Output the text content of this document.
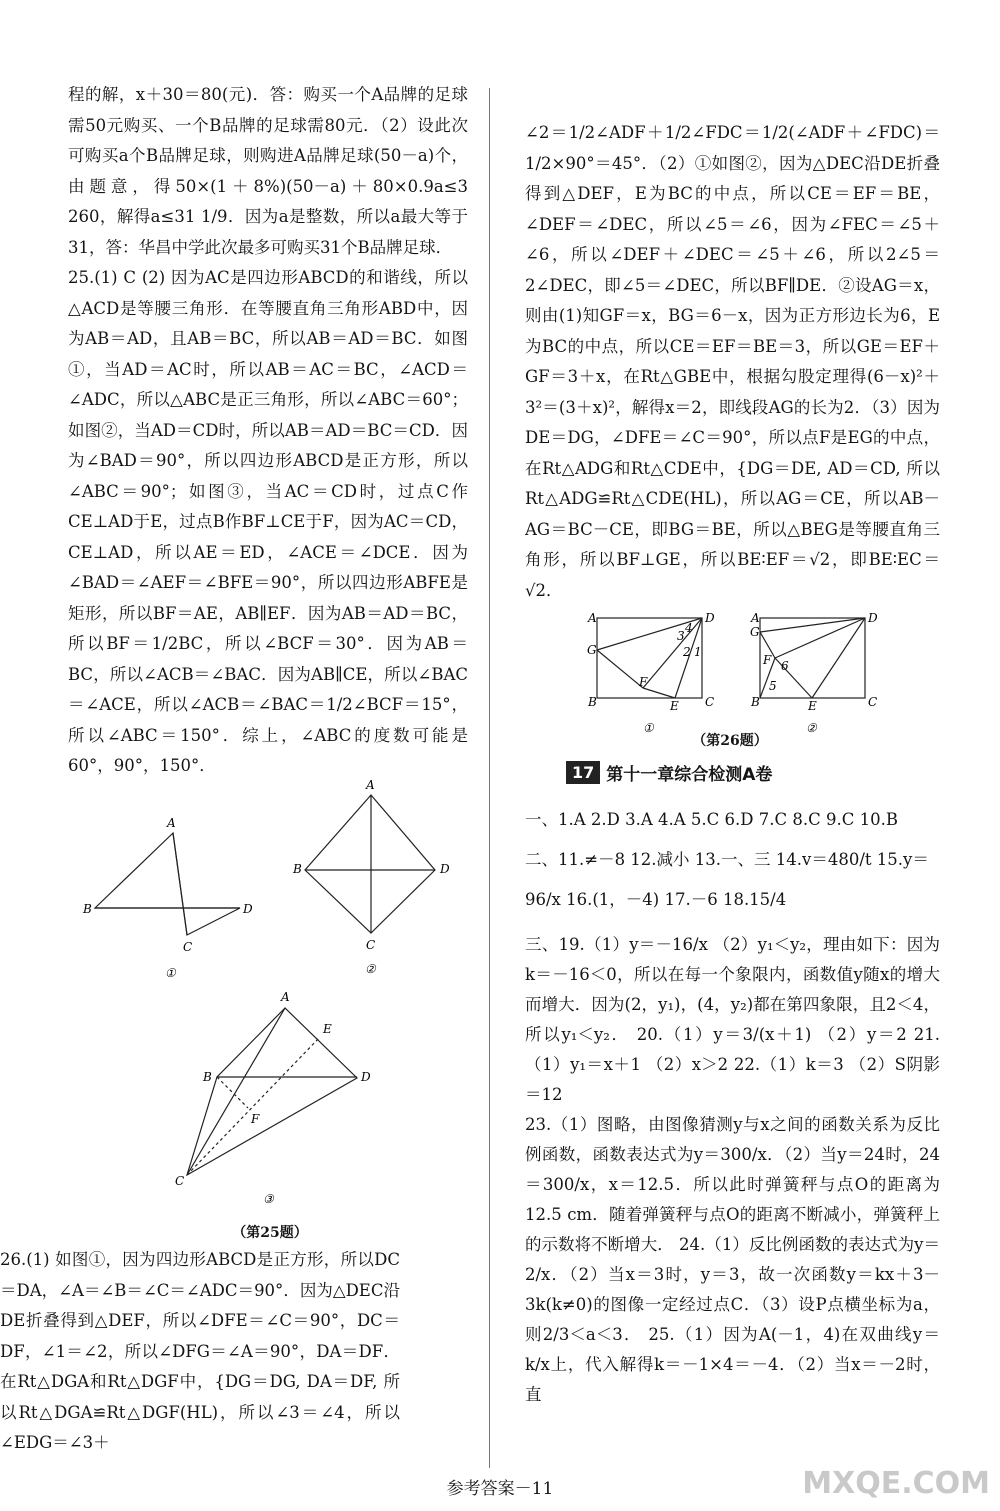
程的解，x＋30＝80(元)．答：购买一个A品牌的足球需50元购买、一个B品牌的足球需80元．（2）设此次可购买a个B品牌足球，则购进A品牌足球(50－a)个，由题意，得50×(1＋8%)(50－a)＋80×0.9a≤3 260，解得a≤31 1/9．因为a是整数，所以a最大等于31，答：华昌中学此次最多可购买31个B品牌足球．

25.(1) C (2) 因为AC是四边形ABCD的和谐线，所以△ACD是等腰三角形．在等腰直角三角形ABD中，因为AB＝AD，且AB＝BC，所以AB＝AD＝BC．如图①，当AD＝AC时，所以AB＝AC＝BC，∠ACD＝∠ADC，所以△ABC是正三角形，所以∠ABC＝60°；如图②，当AD＝CD时，所以AB＝AD＝BC＝CD．因为∠BAD＝90°，所以四边形ABCD是正方形，所以∠ABC＝90°；如图③，当AC＝CD时，过点C作CE⊥AD于E，过点B作BF⊥CE于F，因为AC＝CD，CE⊥AD，所以AE＝ED，∠ACE＝∠DCE．因为∠BAD＝∠AEF＝∠BFE＝90°，所以四边形ABFE是矩形，所以BF＝AE，AB∥EF．因为AB＝AD＝BC，所以BF＝1/2BC，所以∠BCF＝30°．因为AB＝BC，所以∠ACB＝∠BAC．因为AB∥CE，所以∠BAC＝∠ACE，所以∠ACB＝∠BAC＝1/2∠BCF＝15°，所以∠ABC＝150°．综上，∠ABC的度数可能是60°，90°，150°．

A
B
C
D
①
A
B
C
D
②
A
B
C
D
E
F
③
（第25题）

26.(1) 如图①，因为四边形ABCD是正方形，所以DC＝DA，∠A＝∠B＝∠C＝∠ADC＝90°．因为△DEC沿DE折叠得到△DEF，所以∠DFE＝∠C＝90°，DC＝DF，∠1＝∠2，所以∠DFG＝∠A＝90°，DA＝DF．在Rt△DGA和Rt△DGF中，{DG＝DG, DA＝DF, 所以Rt△DGA≌Rt△DGF(HL)，所以∠3＝∠4，所以∠EDG＝∠3＋

∠2＝1/2∠ADF＋1/2∠FDC＝1/2(∠ADF＋∠FDC)＝1/2×90°＝45°．（2）①如图②，因为△DEC沿DE折叠得到△DEF，E为BC的中点，所以CE＝EF＝BE，∠DEF＝∠DEC，所以∠5＝∠6，因为∠FEC＝∠5＋∠6，所以∠DEF＋∠DEC＝∠5＋∠6，所以2∠5＝2∠DEC，即∠5＝∠DEC，所以BF∥DE．②设AG＝x，则由(1)知GF＝x，BG＝6－x，因为正方形边长为6，E为BC的中点，所以CE＝EF＝BE＝3，所以GE＝EF＋GF＝3＋x，在Rt△GBE中，根据勾股定理得(6－x)²＋3²＝(3＋x)²，解得x＝2，即线段AG的长为2．（3）因为DE＝DG，∠DFE＝∠C＝90°，所以点F是EG的中点，在Rt△ADG和Rt△CDE中，{DG＝DE, AD＝CD, 所以Rt△ADG≌Rt△CDE(HL)，所以AG＝CE，所以AB－AG＝BC－CE，即BG＝BE，所以△BEG是等腰直角三角形，所以BF⊥GE，所以BE∶EF＝√2，即BE∶EC＝√2．

A	D
G
B
F
E C
3
4
2 1
①
A	D
G
F 6
5
B	E	C
②
（第26题）
17 第十一章综合检测A卷
一、1.A 2.D 3.A 4.A 5.C 6.D 7.C 8.C 9.C 10.B
二、11.≠－8 12.减小 13.一、三 14.v＝480/t 15.y＝96/x 16.(1，－4) 17.－6 18.15/4

三、19.（1）y＝－16/x （2）y₁＜y₂，理由如下：因为k＝－16＜0，所以在每一个象限内，函数值y随x的增大而增大．因为(2，y₁)，(4，y₂)都在第四象限，且2＜4，所以y₁＜y₂． 20.（1）y＝3/(x＋1) （2）y＝2 21.（1）y₁＝x＋1 （2）x＞2 22.（1）k＝3 （2）S阴影＝12

23.（1）图略，由图像猜测y与x之间的函数关系为反比例函数，函数表达式为y＝300/x．（2）当y＝24时，24＝300/x，x＝12.5．所以此时弹簧秤与点O的距离为12.5 cm．随着弹簧秤与点O的距离不断减小，弹簧秤上的示数将不断增大． 24.（1）反比例函数的表达式为y＝2/x．（2）当x＝3时，y＝3，故一次函数y＝kx＋3－3k(k≠0)的图像一定经过点C．（3）设P点横坐标为a，则2/3＜a＜3． 25.（1）因为A(－1，4)在双曲线y＝k/x上，代入解得k＝－1×4＝－4．（2）当x＝－2时，直

参考答案－11	MXQE.COM
